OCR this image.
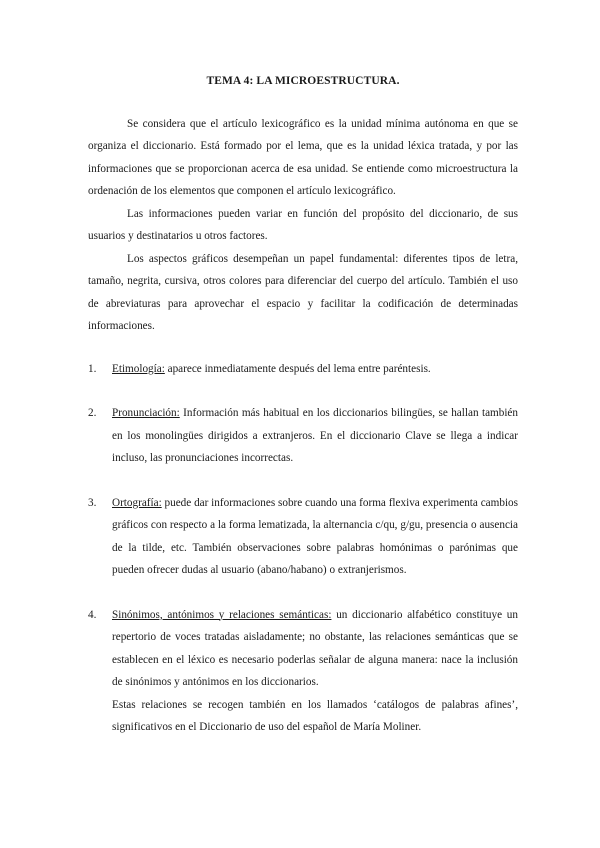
TEMA 4: LA MICROESTRUCTURA.

Se considera que el artículo lexicográfico es la unidad mínima autónoma en que se organiza el diccionario. Está formado por el lema, que es la unidad léxica tratada, y por las informaciones que se proporcionan acerca de esa unidad. Se entiende como microestructura la ordenación de los elementos que componen el artículo lexicográfico.

Las informaciones pueden variar en función del propósito del diccionario, de sus usuarios y destinatarios u otros factores.

Los aspectos gráficos desempeñan un papel fundamental: diferentes tipos de letra, tamaño, negrita, cursiva, otros colores para diferenciar del cuerpo del artículo. También el uso de abreviaturas para aprovechar el espacio y facilitar la codificación de determinadas informaciones.

1. Etimología: aparece inmediatamente después del lema entre paréntesis.
2. Pronunciación: Información más habitual en los diccionarios bilingües, se hallan también en los monolingües dirigidos a extranjeros. En el diccionario Clave se llega a indicar incluso, las pronunciaciones incorrectas.
3. Ortografía: puede dar informaciones sobre cuando una forma flexiva experimenta cambios gráficos con respecto a la forma lematizada, la alternancia c/qu, g/gu, presencia o ausencia de la tilde, etc. También observaciones sobre palabras homónimas o parónimas que pueden ofrecer dudas al usuario (abano/habano) o extranjerismos.
4. Sinónimos, antónimos y relaciones semánticas: un diccionario alfabético constituye un repertorio de voces tratadas aisladamente; no obstante, las relaciones semánticas que se establecen en el léxico es necesario poderlas señalar de alguna manera: nace la inclusión de sinónimos y antónimos en los diccionarios.
Estas relaciones se recogen también en los llamados ‘catálogos de palabras afines’, significativos en el Diccionario de uso del español de María Moliner.
